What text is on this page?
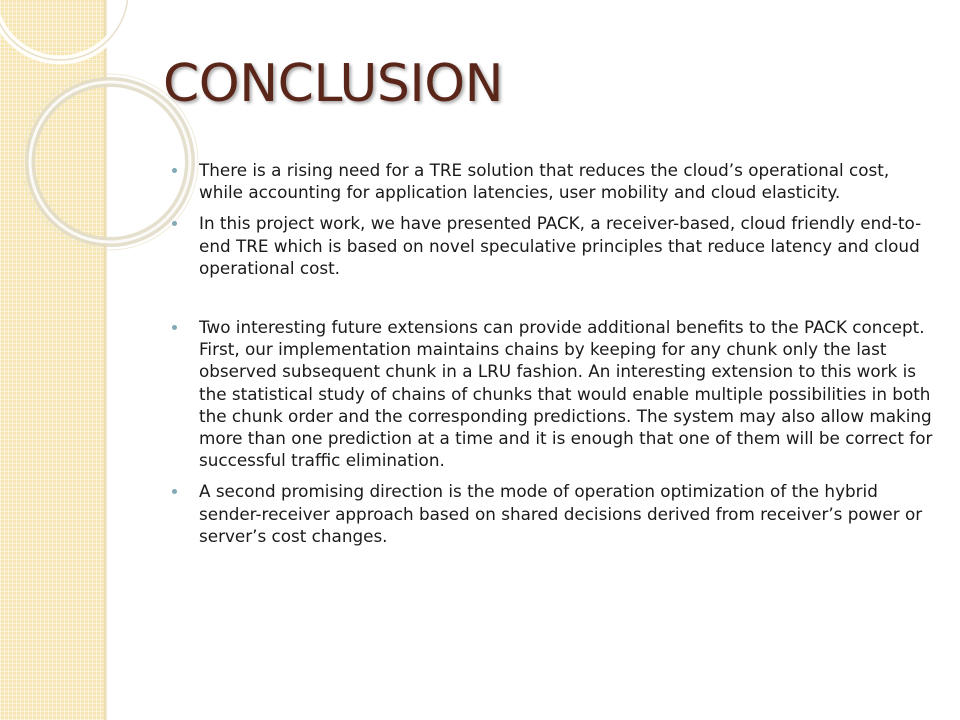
CONCLUSION
There is a rising need for a TRE solution that reduces the cloud’s operational cost, while accounting for application latencies, user mobility and cloud elasticity.
In this project work, we have presented PACK, a receiver-based, cloud friendly end-to-end TRE which is based on novel speculative principles that reduce latency and cloud operational cost.
Two interesting future extensions can provide additional benefits to the PACK concept. First, our implementation maintains chains by keeping for any chunk only the last observed subsequent chunk in a LRU fashion. An interesting extension to this work is the statistical study of chains of chunks that would enable multiple possibilities in both the chunk order and the corresponding predictions. The system may also allow making more than one prediction at a time and it is enough that one of them will be correct for successful traffic elimination.
A second promising direction is the mode of operation optimization of the hybrid sender-receiver approach based on shared decisions derived from receiver’s power or server’s cost changes.
